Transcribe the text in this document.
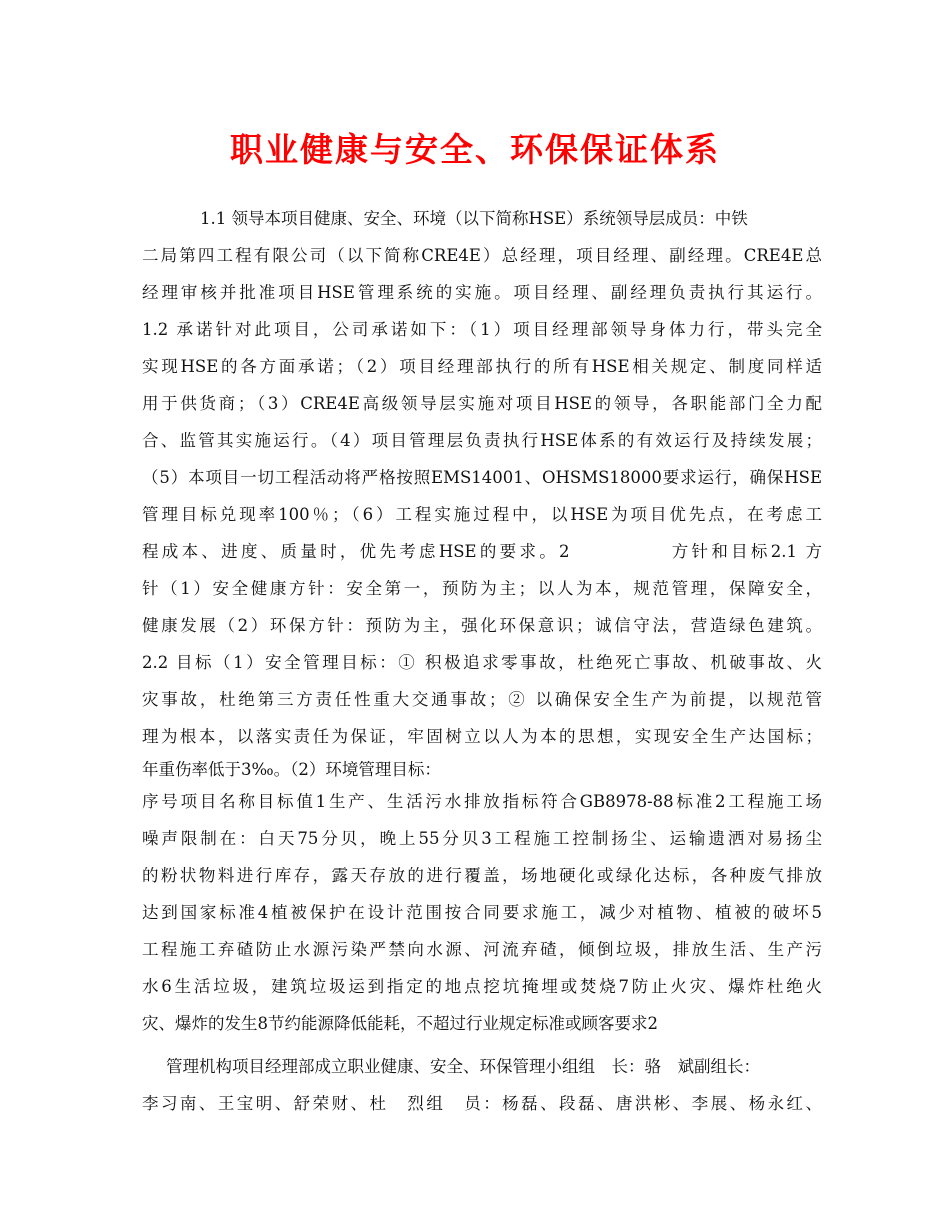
职业健康与安全、环保保证体系

1.1 领导本项目健康、安全、环境（以下简称HSE）系统领导层成员：中铁

二局第四工程有限公司（以下简称CRE4E）总经理，项目经理、副经理。CRE4E总

经理审核并批准项目HSE管理系统的实施。项目经理、副经理负责执行其运行。

1.2 承诺针对此项目，公司承诺如下：（1）项目经理部领导身体力行，带头完全

实现HSE的各方面承诺；（2）项目经理部执行的所有HSE相关规定、制度同样适

用于供货商；（3）CRE4E高级领导层实施对项目HSE的领导，各职能部门全力配

合、监管其实施运行。（4）项目管理层负责执行HSE体系的有效运行及持续发展；

（5）本项目一切工程活动将严格按照EMS14001、OHSMS18000要求运行，确保HSE

管理目标兑现率100％；（6）工程实施过程中，以HSE为项目优先点，在考虑工

程成本、进度、质量时，优先考虑HSE的要求。2　　　　　方针和目标2.1 方

针（1）安全健康方针：安全第一，预防为主；以人为本，规范管理，保障安全，

健康发展（2）环保方针：预防为主，强化环保意识；诚信守法，营造绿色建筑。

2.2 目标（1）安全管理目标：① 积极追求零事故，杜绝死亡事故、机破事故、火

灾事故，杜绝第三方责任性重大交通事故；② 以确保安全生产为前提，以规范管

理为根本，以落实责任为保证，牢固树立以人为本的思想，实现安全生产达国标；

年重伤率低于3‰。（2）环境管理目标：

序号项目名称目标值1生产、生活污水排放指标符合GB8978-88标准2工程施工场

噪声限制在：白天75分贝，晚上55分贝3工程施工控制扬尘、运输遗洒对易扬尘

的粉状物料进行库存，露天存放的进行覆盖，场地硬化或绿化达标，各种废气排放

达到国家标准4植被保护在设计范围按合同要求施工，减少对植物、植被的破坏5

工程施工弃碴防止水源污染严禁向水源、河流弃碴，倾倒垃圾，排放生活、生产污

水6生活垃圾，建筑垃圾运到指定的地点挖坑掩埋或焚烧7防止火灾、爆炸杜绝火

灾、爆炸的发生8节约能源降低能耗，不超过行业规定标准或顾客要求2

管理机构项目经理部成立职业健康、安全、环保管理小组组　长：骆　斌副组长：

李习南、王宝明、舒荣财、杜　烈组　员：杨磊、段磊、唐洪彬、李展、杨永红、
